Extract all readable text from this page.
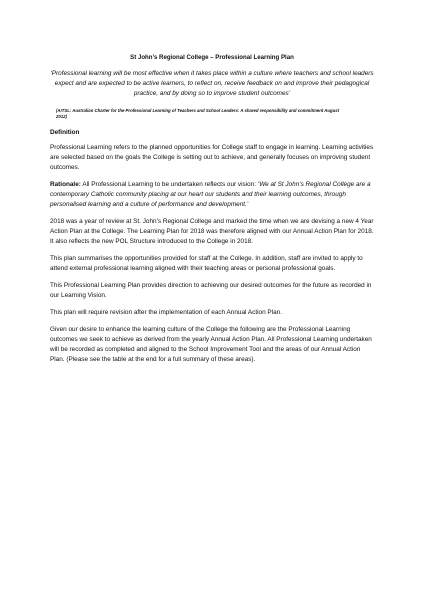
St John’s Regional College – Professional Learning Plan
‘Professional learning will be most effective when it takes place within a culture where teachers and school leaders expect and are expected to be active learners, to reflect on, receive feedback on and improve their pedagogical practice, and by doing so to improve student outcomes’
(AITSL: Australian Charter for the Professional Learning of Teachers and School Leaders: A shared responsibility and commitment August 2012)
Definition
Professional Learning refers to the planned opportunities for College staff to engage in learning. Learning activities are selected based on the goals the College is setting out to achieve, and generally focuses on improving student outcomes.
Rationale: All Professional Learning to be undertaken reflects our vision: ‘We at St John’s Regional College are a contemporary Catholic community placing at our heart our students and their learning outcomes, through personalised learning and a culture of performance and development.’
2018 was a year of review at St. John’s Regional College and marked the time when we are devising a new 4 Year Action Plan at the College. The Learning Plan for 2018 was therefore aligned with our Annual Action Plan for 2018. It also reflects the new POL Structure introduced to the College in 2018.
This plan summarises the opportunities provided for staff at the College. In addition, staff are invited to apply to attend external professional learning aligned with their teaching areas or personal professional goals.
This Professional Learning Plan provides direction to achieving our desired outcomes for the future as recorded in our Learning Vision.
This plan will require revision after the implementation of each Annual Action Plan.
Given our desire to enhance the learning culture of the College the following are the Professional Learning outcomes we seek to achieve as derived from the yearly Annual Action Plan. All Professional Learning undertaken will be recorded as completed and aligned to the School Improvement Tool and the areas of our Annual Action Plan. (Please see the table at the end for a full summary of these areas).
